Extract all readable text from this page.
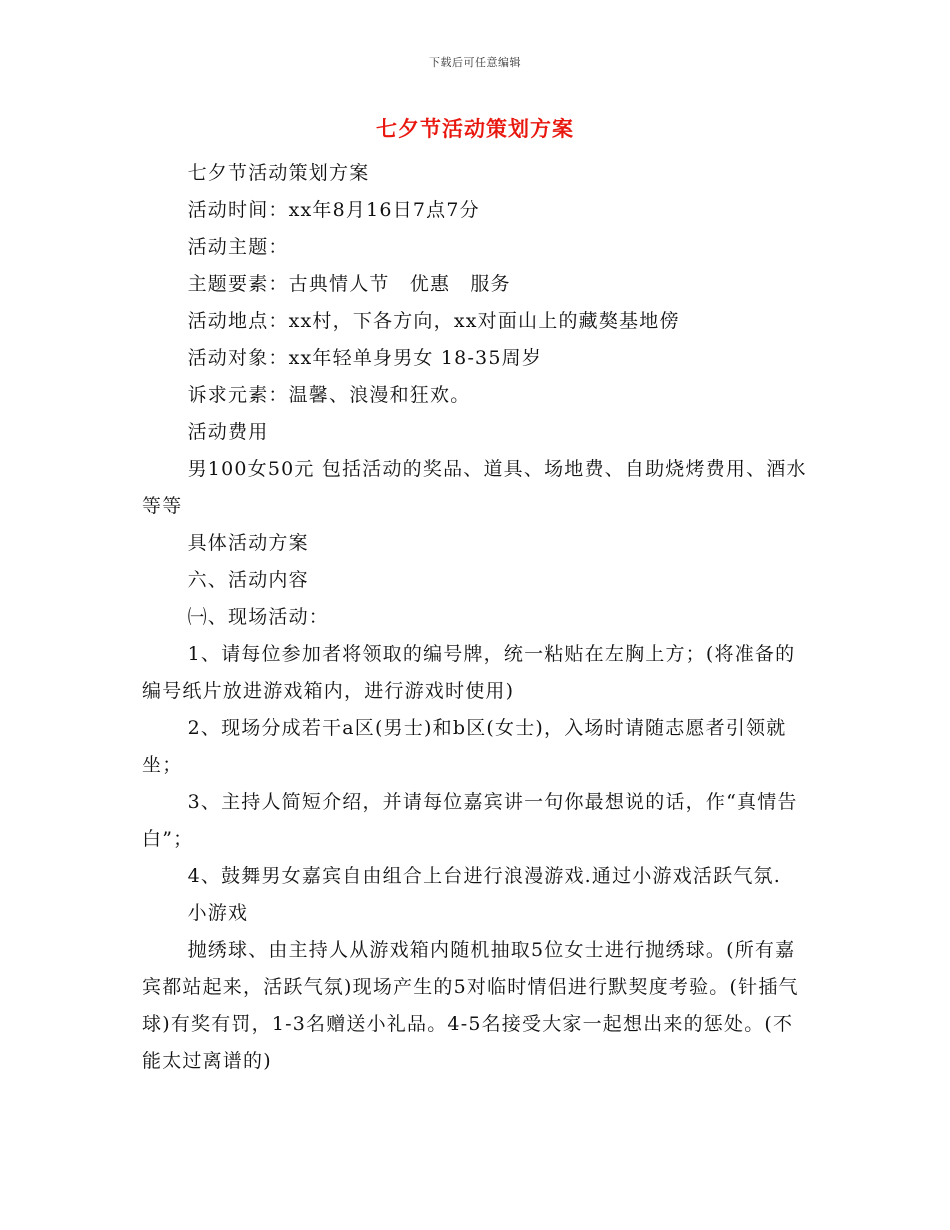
下载后可任意编辑
七夕节活动策划方案

七夕节活动策划方案

活动时间：xx年8月16日7点7分

活动主题：

主题要素：古典情人节　优惠　服务

活动地点：xx村，下各方向，xx对面山上的藏獒基地傍

活动对象：xx年轻单身男女 18-35周岁

诉求元素：温馨、浪漫和狂欢。

活动费用

男100女50元 包括活动的奖品、道具、场地费、自助烧烤费用、酒水等等

具体活动方案

六、活动内容

㈠、现场活动：

1、请每位参加者将领取的编号牌，统一粘贴在左胸上方；(将准备的编号纸片放进游戏箱内，进行游戏时使用)

2、现场分成若干a区(男士)和b区(女士)，入场时请随志愿者引领就坐；

3、主持人简短介绍，并请每位嘉宾讲一句你最想说的话，作“真情告白”；

4、鼓舞男女嘉宾自由组合上台进行浪漫游戏.通过小游戏活跃气氛.

小游戏

抛绣球、由主持人从游戏箱内随机抽取5位女士进行抛绣球。(所有嘉宾都站起来，活跃气氛)现场产生的5对临时情侣进行默契度考验。(针插气球)有奖有罚，1-3名赠送小礼品。4-5名接受大家一起想出来的惩处。(不能太过离谱的)
